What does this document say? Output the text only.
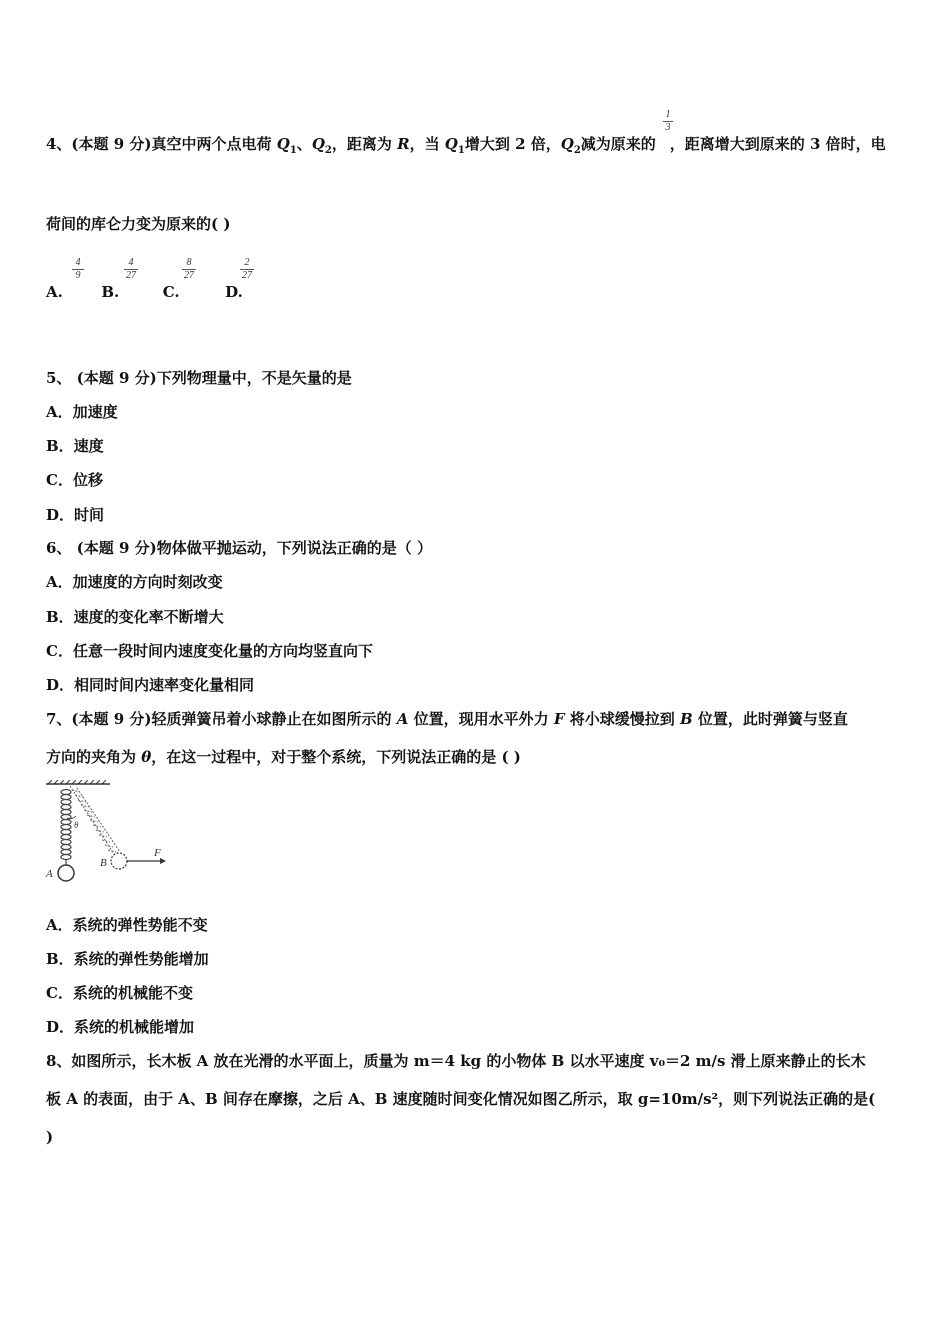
4、(本题 9 分)真空中两个点电荷 $Q_1$、$Q_2$，距离为 R，当 $Q_1$增大到 2 倍，$Q_2$减为原来的 ，距离增大到原来的 3 倍时，电
1
3
荷间的库仑力变为原来的( )
A.	B.	C.	D.
4
9
4
27
8
27
2
27
5、 (本题 9 分)下列物理量中，不是矢量的是
A．加速度
B．速度
C．位移
D．时间
6、 (本题 9 分)物体做平抛运动，下列说法正确的是（ ）
A．加速度的方向时刻改变
B．速度的变化率不断增大
C．任意一段时间内速度变化量的方向均竖直向下
D．相同时间内速率变化量相同
7、(本题 9 分)轻质弹簧吊着小球静止在如图所示的 A 位置，现用水平外力 F 将小球缓慢拉到 B 位置，此时弹簧与竖直
方向的夹角为 θ，在这一过程中，对于整个系统，下列说法正确的是 ( )
θ
A
B
F
A．系统的弹性势能不变
B．系统的弹性势能增加
C．系统的机械能不变
D．系统的机械能增加
8、如图所示，长木板 A 放在光滑的水平面上，质量为 m＝4 kg 的小物体 B 以水平速度 v₀＝2 m/s 滑上原来静止的长木
板 A 的表面，由于 A、B 间存在摩擦，之后 A、B 速度随时间变化情况如图乙所示，取 g=10m/s²，则下列说法正确的是(
)
